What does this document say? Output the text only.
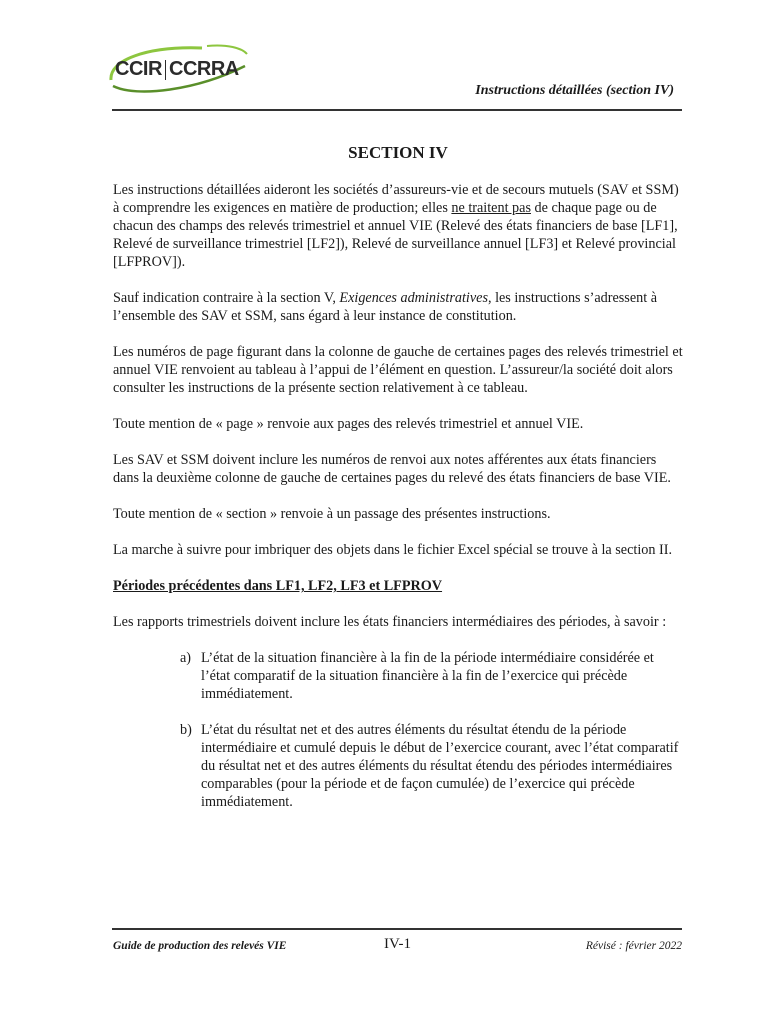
CCIR CCRRA
Instructions détaillées (section IV)
SECTION IV

Les instructions détaillées aideront les sociétés d’assureurs-vie et de secours mutuels (SAV et SSM) à comprendre les exigences en matière de production; elles ne traitent pas de chaque page ou de chacun des champs des relevés trimestriel et annuel VIE (Relevé des états financiers de base [LF1], Relevé de surveillance trimestriel [LF2]), Relevé de surveillance annuel [LF3] et Relevé provincial [LFPROV]).

Sauf indication contraire à la section V, Exigences administratives, les instructions s’adressent à l’ensemble des SAV et SSM, sans égard à leur instance de constitution.

Les numéros de page figurant dans la colonne de gauche de certaines pages des relevés trimestriel et annuel VIE renvoient au tableau à l’appui de l’élément en question. L’assureur/la société doit alors consulter les instructions de la présente section relativement à ce tableau.

Toute mention de « page » renvoie aux pages des relevés trimestriel et annuel VIE.

Les SAV et SSM doivent inclure les numéros de renvoi aux notes afférentes aux états financiers dans la deuxième colonne de gauche de certaines pages du relevé des états financiers de base VIE.

Toute mention de « section » renvoie à un passage des présentes instructions.

La marche à suivre pour imbriquer des objets dans le fichier Excel spécial se trouve à la section II.

Périodes précédentes dans LF1, LF2, LF3 et LFPROV

Les rapports trimestriels doivent inclure les états financiers intermédiaires des périodes, à savoir :

a) L’état de la situation financière à la fin de la période intermédiaire considérée et l’état comparatif de la situation financière à la fin de l’exercice qui précède immédiatement.
b) L’état du résultat net et des autres éléments du résultat étendu de la période intermédiaire et cumulé depuis le début de l’exercice courant, avec l’état comparatif du résultat net et des autres éléments du résultat étendu des périodes intermédiaires comparables (pour la période et de façon cumulée) de l’exercice qui précède immédiatement.
Guide de production des relevés VIE	IV-1	Révisé : février 2022
